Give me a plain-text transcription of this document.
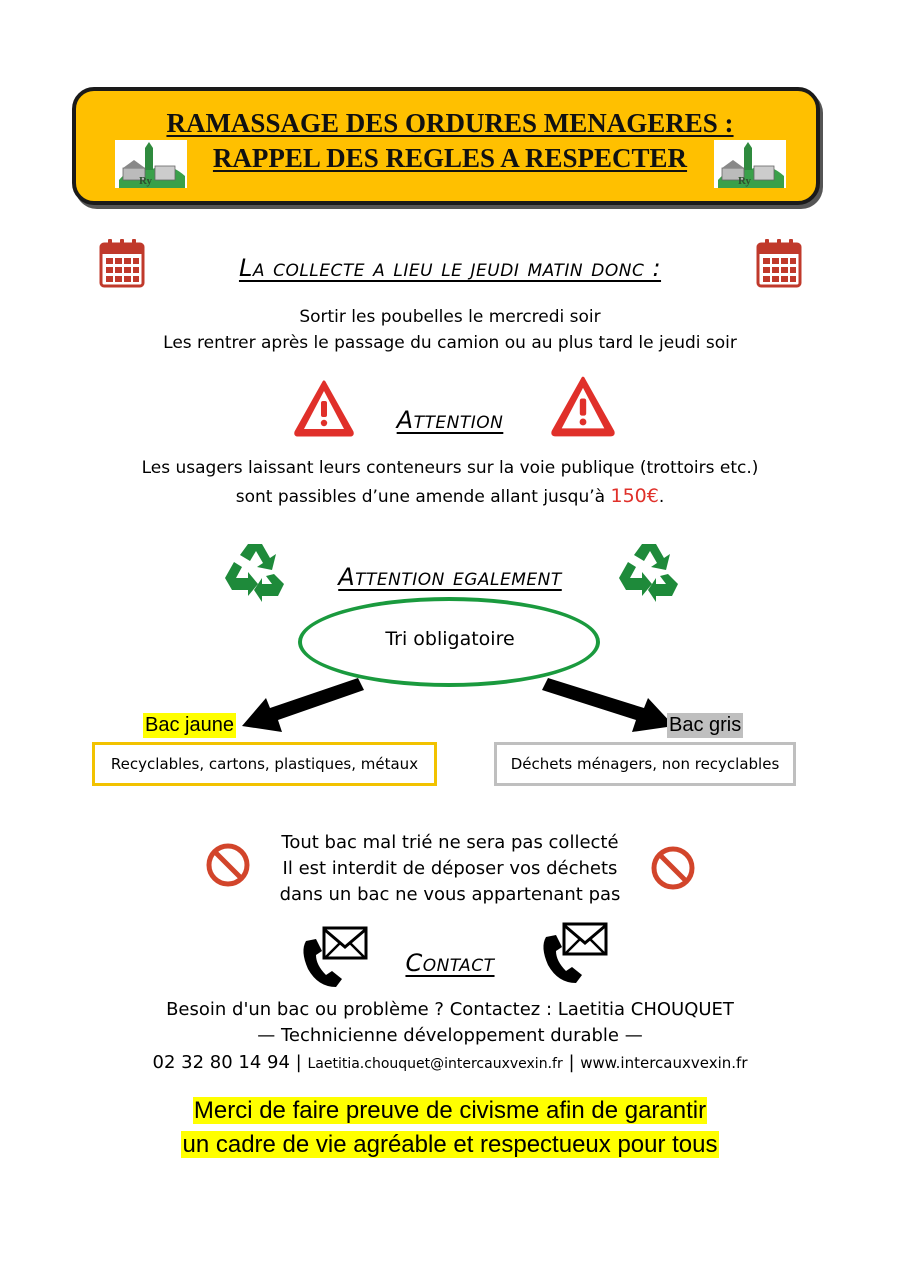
RAMASSAGE DES ORDURES MENAGERES :
RAPPEL DES REGLES A RESPECTER
Ry	Ry
La collecte a lieu le jeudi matin donc :
Sortir les poubelles le mercredi soir
Les rentrer après le passage du camion ou au plus tard le jeudi soir
Attention
Les usagers laissant leurs conteneurs sur la voie publique (trottoirs etc.)
sont passibles d’une amende allant jusqu’à 150€.
Attention egalement
Tri obligatoire
Bac jaune	Bac gris
Recyclables, cartons, plastiques, métaux	Déchets ménagers, non recyclables
Tout bac mal trié ne sera pas collecté
Il est interdit de déposer vos déchets
dans un bac ne vous appartenant pas
Contact
Besoin d'un bac ou problème ? Contactez : Laetitia CHOUQUET
— Technicienne développement durable —
02 32 80 14 94 | Laetitia.chouquet@intercauxvexin.fr | www.intercauxvexin.fr
Merci de faire preuve de civisme afin de garantir
un cadre de vie agréable et respectueux pour tous
